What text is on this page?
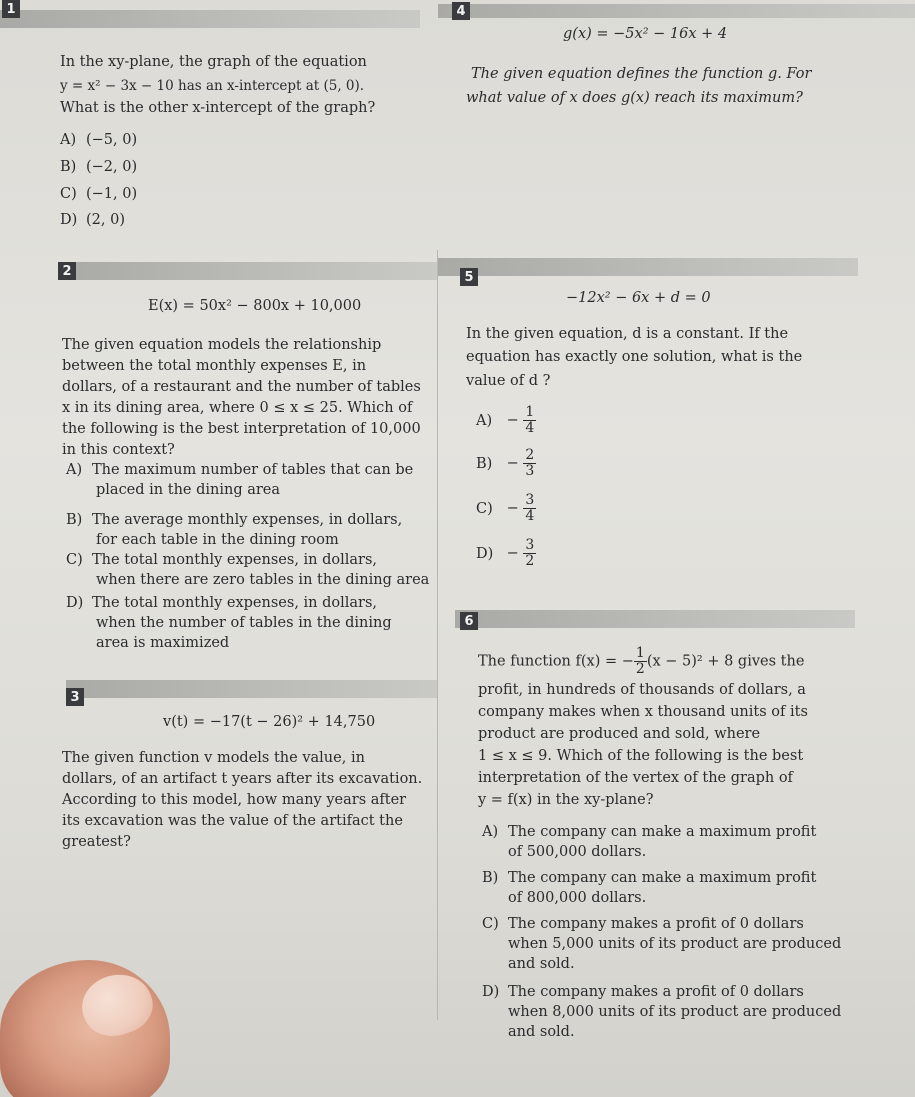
1
In the xy-plane, the graph of the equation
y = x² − 3x − 10 has an x-intercept at (5, 0).
What is the other x-intercept of the graph?
A) (−5, 0)
B) (−2, 0)
C) (−1, 0)
D) (2, 0)
4
g(x) = −5x² − 16x + 4
The given equation defines the function g. For
what value of x does g(x) reach its maximum?
2
E(x) = 50x² − 800x + 10,000
The given equation models the relationship
between the total monthly expenses E, in
dollars, of a restaurant and the number of tables
x in its dining area, where 0 ≤ x ≤ 25. Which of
the following is the best interpretation of 10,000
in this context?
A) The maximum number of tables that can be
placed in the dining area
B) The average monthly expenses, in dollars,
for each table in the dining room
C) The total monthly expenses, in dollars,
when there are zero tables in the dining area
D) The total monthly expenses, in dollars,
when the number of tables in the dining
area is maximized
5
−12x² − 6x + d = 0
In the given equation, d is a constant. If the
equation has exactly one solution, what is the
value of d ?
$A) - \frac{1}{4}$
$B) - \frac{2}{3}$
$C) - \frac{3}{4}$
$D) - \frac{3}{2}$
6
The function f(x) = − $\frac{1}{2} (x - 5)^2 + 8$ gives the
profit, in hundreds of thousands of dollars, a
company makes when x thousand units of its
product are produced and sold, where
1 ≤ x ≤ 9. Which of the following is the best
interpretation of the vertex of the graph of
y = f(x) in the xy-plane?
A) The company can make a maximum profit
of 500,000 dollars.
B) The company can make a maximum profit
of 800,000 dollars.
C) The company makes a profit of 0 dollars
when 5,000 units of its product are produced
and sold.
D) The company makes a profit of 0 dollars
when 8,000 units of its product are produced
and sold.
3
v(t) = −17(t − 26)² + 14,750
The given function v models the value, in
dollars, of an artifact t years after its excavation.
According to this model, how many years after
its excavation was the value of the artifact the
greatest?
